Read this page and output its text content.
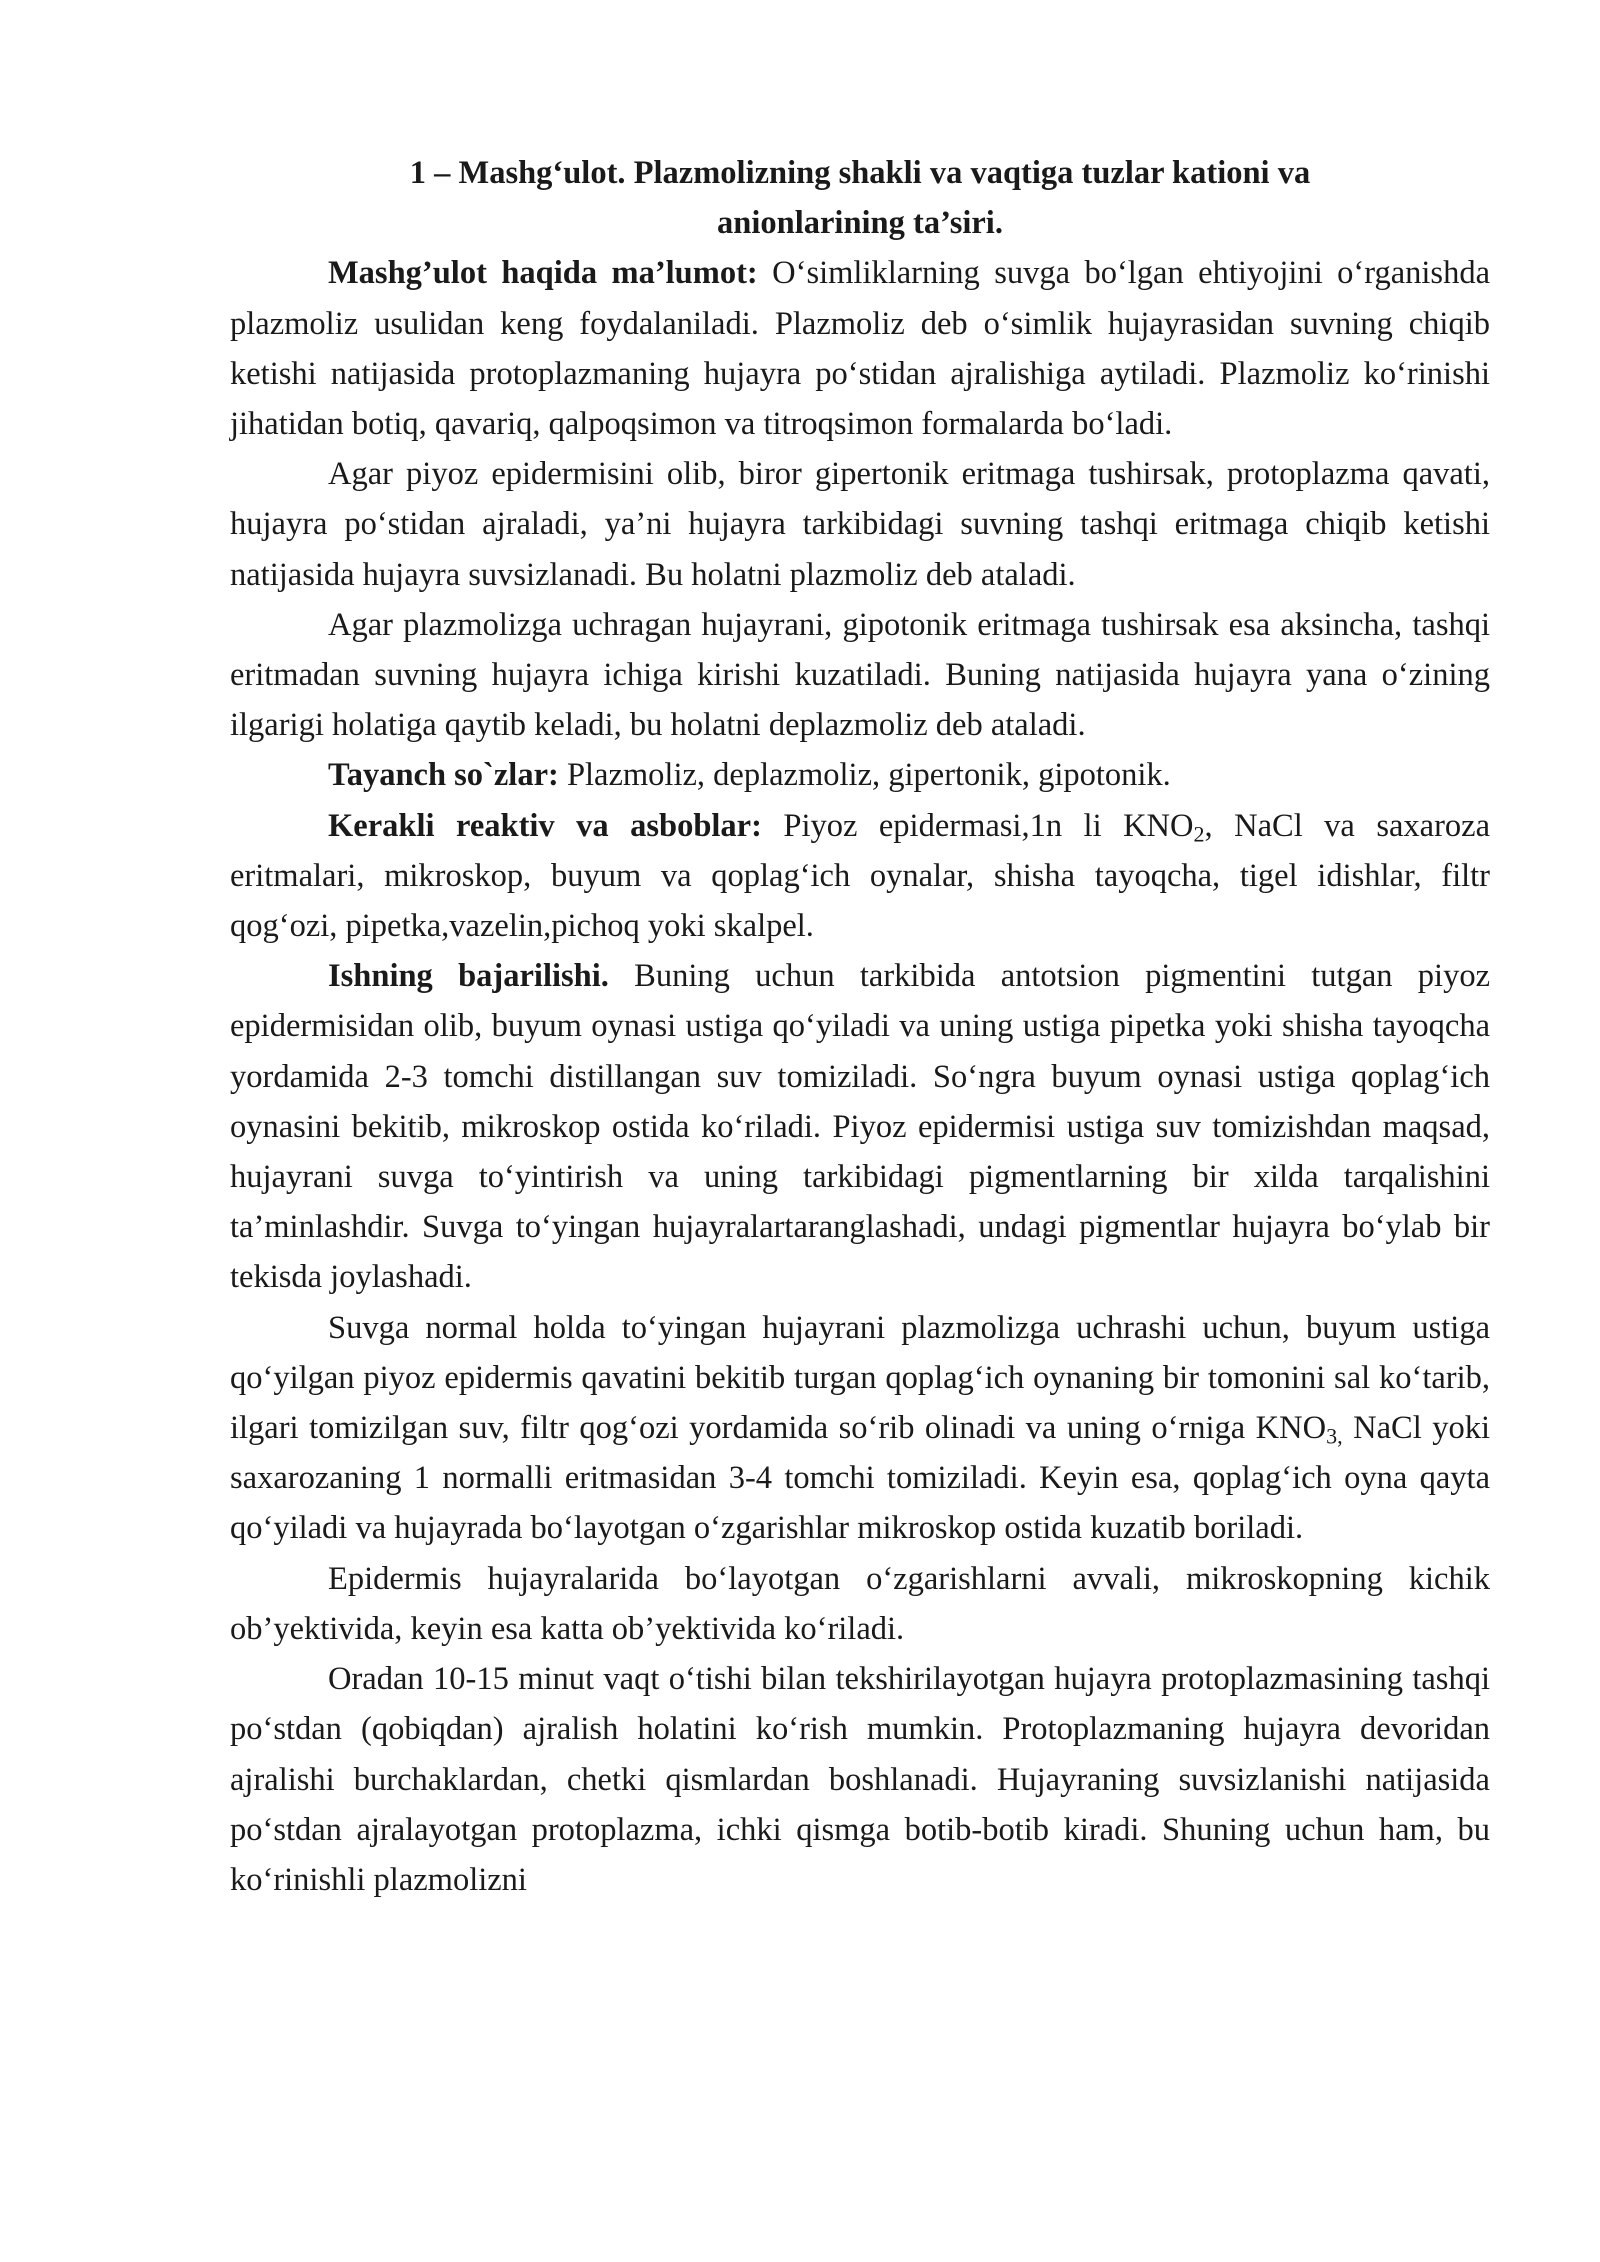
1 – Mashg‘ulot. Plazmolizning shakli va vaqtiga tuzlar kationi va
anionlarining ta’siri.

Mashg’ulot haqida ma’lumot: O‘simliklarning suvga bo‘lgan ehtiyojini o‘rganishda plazmoliz usulidan keng foydalaniladi. Plazmoliz deb o‘simlik hujayrasidan suvning chiqib ketishi natijasida protoplazmaning hujayra po‘stidan ajralishiga aytiladi. Plazmoliz ko‘rinishi jihatidan botiq, qavariq, qalpoqsimon va titroqsimon formalarda bo‘ladi.

Agar piyoz epidermisini olib, biror gipertonik eritmaga tushirsak, protoplazma qavati, hujayra po‘stidan ajraladi, ya’ni hujayra tarkibidagi suvning tashqi eritmaga chiqib ketishi natijasida hujayra suvsizlanadi. Bu holatni plazmoliz deb ataladi.

Agar plazmolizga uchragan hujayrani, gipotonik eritmaga tushirsak esa aksincha, tashqi eritmadan suvning hujayra ichiga kirishi kuzatiladi. Buning natijasida hujayra yana o‘zining ilgarigi holatiga qaytib keladi, bu holatni deplazmoliz deb ataladi.

Tayanch so`zlar: Plazmoliz, deplazmoliz, gipertonik, gipotonik.

Kerakli reaktiv va asboblar: Piyoz epidermasi,1n li $KNO_2$, NaCl va saxaroza eritmalari, mikroskop, buyum va qoplag‘ich oynalar, shisha tayoqcha, tigel idishlar, filtr qog‘ozi, pipetka,vazelin,pichoq yoki skalpel.

Ishning bajarilishi. Buning uchun tarkibida antotsion pigmentini tutgan piyoz epidermisidan olib, buyum oynasi ustiga qo‘yiladi va uning ustiga pipetka yoki shisha tayoqcha yordamida 2-3 tomchi distillangan suv tomiziladi. So‘ngra buyum oynasi ustiga qoplag‘ich oynasini bekitib, mikroskop ostida ko‘riladi. Piyoz epidermisi ustiga suv tomizishdan maqsad, hujayrani suvga to‘yintirish va uning tarkibidagi pigmentlarning bir xilda tarqalishini ta’minlashdir. Suvga to‘yingan hujayralartaranglashadi, undagi pigmentlar hujayra bo‘ylab bir tekisda joylashadi.

Suvga normal holda to‘yingan hujayrani plazmolizga uchrashi uchun, buyum ustiga qo‘yilgan piyoz epidermis qavatini bekitib turgan qoplag‘ich oynaning bir tomonini sal ko‘tarib, ilgari tomizilgan suv, filtr qog‘ozi yordamida so‘rib olinadi va uning o‘rniga $KNO_{3,}$ NaCl yoki saxarozaning 1 normalli eritmasidan 3-4 tomchi tomiziladi. Keyin esa, qoplag‘ich oyna qayta qo‘yiladi va hujayrada bo‘layotgan o‘zgarishlar mikroskop ostida kuzatib boriladi.

Epidermis hujayralarida bo‘layotgan o‘zgarishlarni avvali, mikroskopning kichik ob’yektivida, keyin esa katta ob’yektivida ko‘riladi.

Oradan 10-15 minut vaqt o‘tishi bilan tekshirilayotgan hujayra protoplazmasining tashqi po‘stdan (qobiqdan) ajralish holatini ko‘rish mumkin. Protoplazmaning hujayra devoridan ajralishi burchaklardan, chetki qismlardan boshlanadi. Hujayraning suvsizlanishi natijasida po‘stdan ajralayotgan protoplazma, ichki qismga botib-botib kiradi. Shuning uchun ham, bu ko‘rinishli plazmolizni
